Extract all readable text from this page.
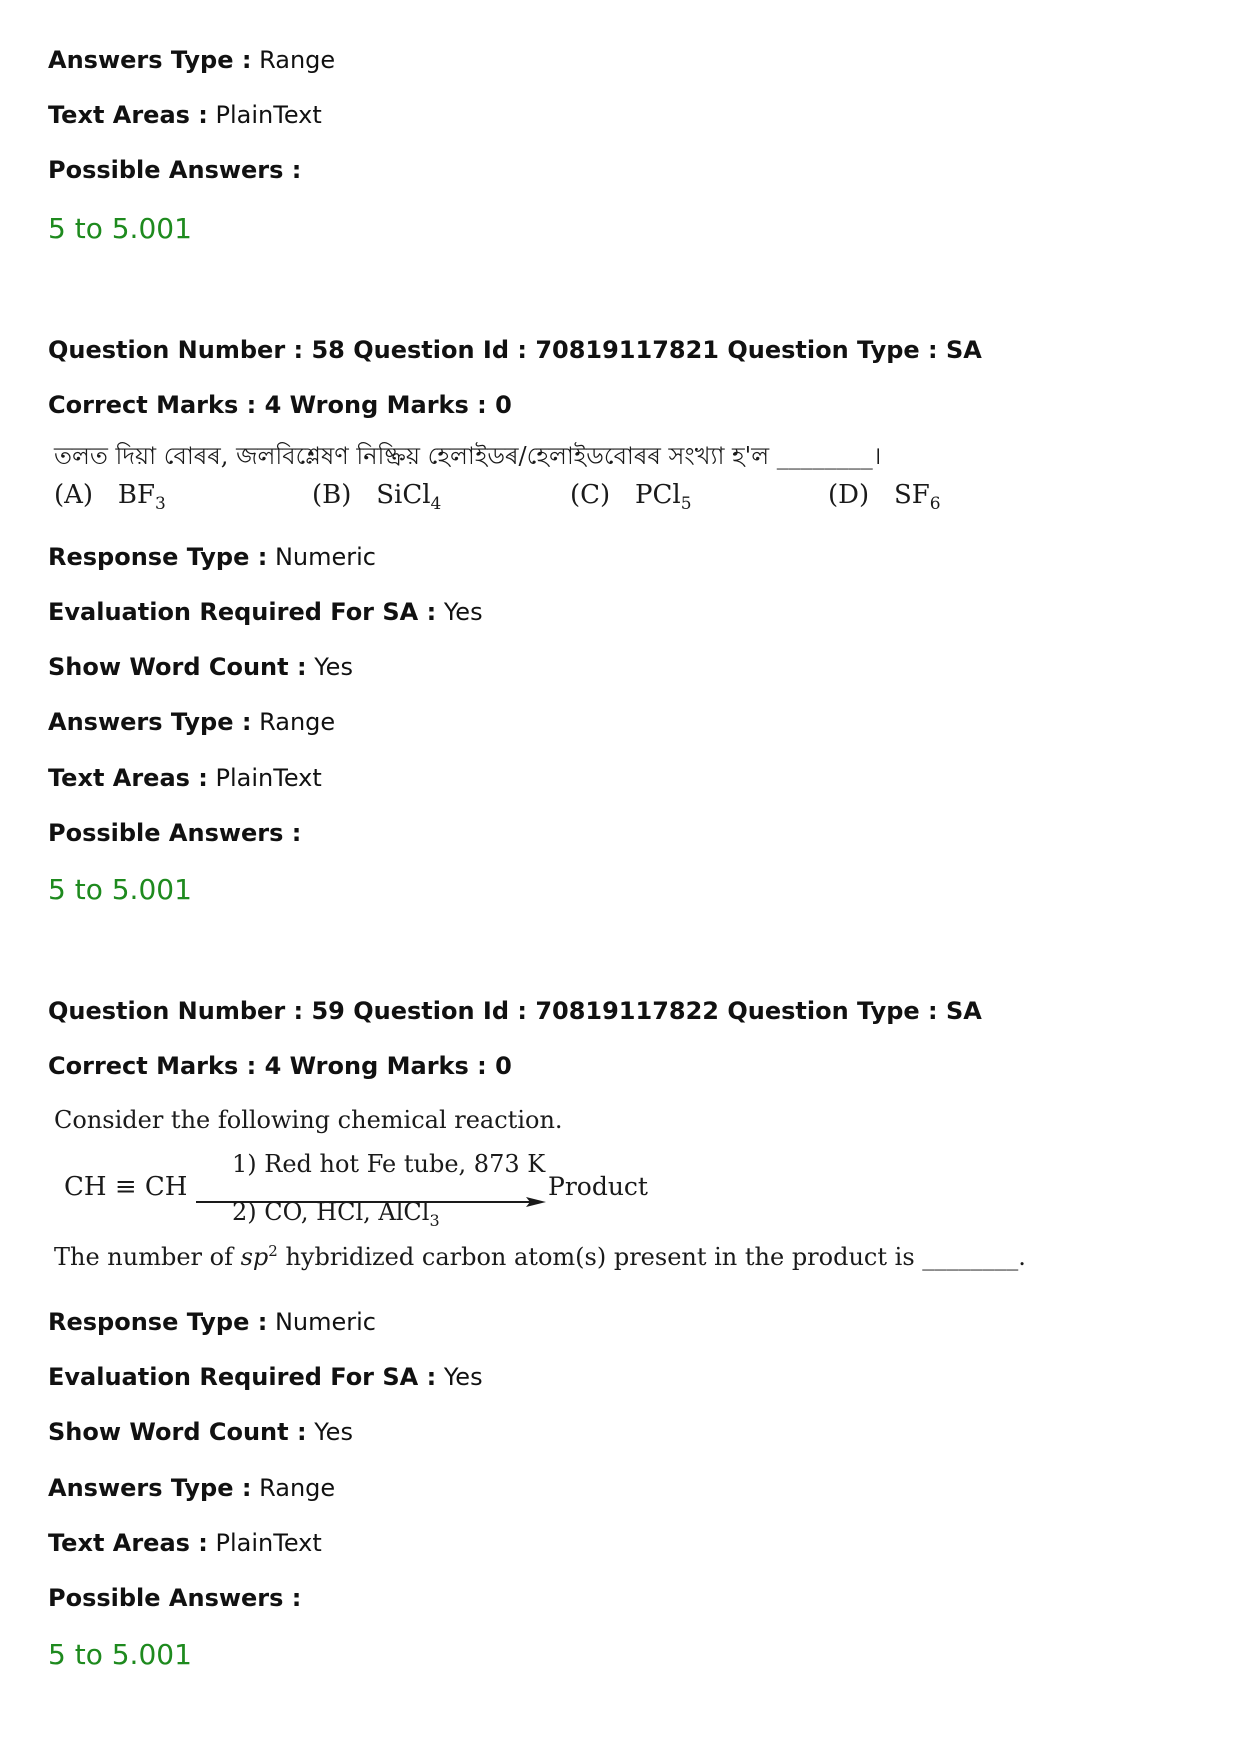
Answers Type : Range
Text Areas : PlainText
Possible Answers :
5 to 5.001
Question Number : 58 Question Id : 70819117821 Question Type : SA
Correct Marks : 4 Wrong Marks : 0
তলত দিয়া বোৰৰ, জলবিশ্লেষণ নিষ্ক্ৰিয় হেলাইডৰ/হেলাইডবোৰৰ সংখ্যা হ'ল ________।
(A) $BF_3$	(B) SiCl$_4$	(C) PCl$_5$	(D) $SF_6$
Response Type : Numeric
Evaluation Required For SA : Yes
Show Word Count : Yes
Answers Type : Range
Text Areas : PlainText
Possible Answers :
5 to 5.001
Question Number : 59 Question Id : 70819117822 Question Type : SA
Correct Marks : 4 Wrong Marks : 0
Consider the following chemical reaction.
CH ≡ CH
1) Red hot Fe tube, 873 K
2) CO, HCl, AlCl$_3$
Product
The number of $sp^2$ hybridized carbon atom(s) present in the product is ________.
Response Type : Numeric
Evaluation Required For SA : Yes
Show Word Count : Yes
Answers Type : Range
Text Areas : PlainText
Possible Answers :
5 to 5.001
